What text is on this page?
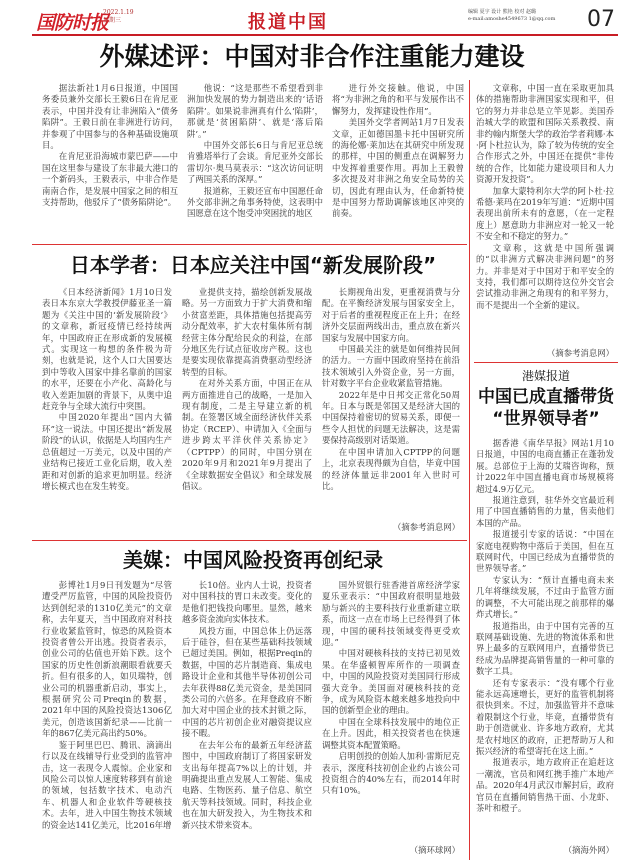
国防时报
2022.1.19
星期三	报道中国	编辑 夏宇 设计 熊艳 校对 赵璐
e-mail:amoshe4549673 1@qq.com	07
外媒述评：中国对非合作注重能力建设

据法新社1月6日报道，中国国务委员兼外交部长王毅6日在肯尼亚表示，中国并没有让非洲陷入“债务陷阱”。王毅日前在非洲进行访问，并参观了中国参与的各种基础设施项目。

在肯尼亚沿海城市蒙巴萨——中国在这里参与建设了东非最大港口的一个新码头，王毅表示，中非合作是南南合作，是发展中国家之间的相互支持帮助，他驳斥了“债务陷阱论”。

他说：“这是那些不希望看到非洲加快发展的势力制造出来的‘话语陷阱’。如果说非洲真有什么‘陷阱’，那就是‘贫困陷阱’、就是‘落后陷阱’。”

中国外交部长6日与肯尼亚总统肯雅塔举行了会谈。肯尼亚外交部长雷切尔·奥马莫表示：“这次访问证明了两国关系的深厚。”

报道称，王毅还宣布中国愿任命外交部非洲之角事务特使，这表明中国愿意在这个饱受冲突困扰的地区

进行外交接触。他说，中国将“为非洲之角的和平与发展作出不懈努力，发挥建设性作用”。

美国外交学者网站1月7日发表文章，正如德国墨卡托中国研究所的海伦娜·莱加达在其研究中所发现的那样，中国的侧重点在调解努力中发挥着重要作用。再加上王毅曾多次提及对非洲之角安全局势的关切，因此有理由认为，任命新特使是中国努力帮助调解该地区冲突的前奏。

文章称，中国一直在采取更加具体的措施帮助非洲国家实现和平，但它的努力并非总是立竿见影。美国乔治城大学的欧盟和国际关系教授、南非约翰内斯堡大学的政治学者莉娜·本·阿卜杜拉认为，除了较为传统的安全合作形式之外，中国还在提供“非传统的合作，比如能力建设项目和人力资源开发投资”。

加拿大蒙特利尔大学的阿卜杜·拉希德·莱玛在2019年写道：“近期中国表现出前所未有的意愿，（在一定程度上）愿意助力非洲应对一轮又一轮不安全和不稳定的努力。”

文章称，这就是中国所强调的“以非洲方式解决非洲问题”的努力。并非是对于中国对于和平安全的支持，我们都可以期待这位外交官会尝试推动非洲之角现有的和平努力，而不是提出一个全新的建议。

（摘参考消息网）

日本学者：日本应关注中国“新发展阶段”

《日本经济新闻》1月10日发表日本东京大学教授伊藤亚圣一篇题为《关注中国的‘新发展阶段’》的文章称，新冠疫情已经持续两年，中国政府正在形成新的发展模式。实现这一构想的条件极为苛刻，也就是说，这个人口大国要达到中等收入国家中排名靠前的国家的水平，还要在小产化、高龄化与收入差距加剧的背景下，从奥中追赶竞争与全球大流行中突围。

中国2020年提出“国内大循环”这一说法。中国还提出“新发展阶段”的认识，依据是人均国内生产总值超过一万美元，以及中国的产业结构已接近工业化后期，收入差距和对创新的追求更加明显。经济增长模式也在发生转变。

业提供支持，描绘创新发展战略。另一方面致力于扩大消费和缩小贫富差距，具体措施包括提高劳动分配效率，扩大农村集体所有制经营主体分配给民众的利益，在部分地区先行试点征收房产税。这也是要实现依靠提高消费驱动型经济转型的目标。

在对外关系方面，中国正在从两方面推进自己的战略，一是加入现有制度，二是主导建立新的机制。在签署区域全面经济伙伴关系协定（RCEP）、申请加入《全面与进步跨太平洋伙伴关系协定》（CPTPP）的同时，中国分别在2020年9月和2021年9月提出了《全球数据安全倡议》和全球发展倡议。

长期视角出发，更重视消费与分配。在平衡经济发展与国家安全上，对于后者的重视程度正在上升；在经济外交层面两线出击，重点放在新兴国家与发展中国家方向。

中国最关注的就是如何维持民间的活力。一方面中国政府坚持在前沿技术领域引入外资企业，另一方面，针对数字平台企业收紧监管措施。

2022年是中日邦交正常化50周年。日本与既是邻国又是经济大国的中国保持着密切的贸易关系，即便一些令人担忧的问题无法解决，这是需要保持高级别对话渠道。

在中国申请加入CPTPP的问题上，北京表现得颇为自信，毕竟中国的经济体量远非2001年入世时可比。

（摘参考消息网）

美媒：中国风险投资再创纪录

彭博社1月9日刊发题为“尽管遭受严厉监管，中国的风险投资仍达到创纪录的1310亿美元”的文章称，去年夏天，当中国政府对科技行业收紧监管时，惊恐的风险资本投资者曾公开出逃。投资者表示，创业公司的估值也开始下跌。这个国家的历史性创新浪潮眼看就要夭折。但有很多的人，如贝瑞特，创业公司的机器重新启动，事实上，根据研究公司Preqin的数据，2021年中国的风险投资达1306亿美元，创造该国新纪录——比前一年的867亿美元高出约50%。

鉴于阿里巴巴、腾讯、滴滴出行以及在线辅导行业受到的监管冲击，这一表现令人震惊。企业家和风险公司以惊人速度转移到有前途的领域，包括数字技术、电动汽车、机器人和企业软件等硬核技术。去年，进入中国生物技术领域的资金达141亿美元，比2016年增

长10倍。业内人士说，投资者对中国科技的胃口未改变。变化的是他们把钱投向哪里。显然，越来越多资金流向实体技术。

风投方面，中国总体上仍远落后于硅谷，但在某些基础科技领域已超过美国。例如，根据Preqin的数据，中国的芯片制造商、集成电路设计企业和其他半导体初创公司去年获得88亿美元资金，是美国同类公司的六倍多。在拜登政府不断加大对中国企业的技术封锁之际，中国的芯片初创企业对融资提议应接不暇。

在去年公布的最新五年经济蓝图中，中国政府制订了将国家研发支出每年提高7%以上的计划，并明确提出重点发展人工智能、集成电路、生物医药、量子信息、航空航天等科技领域。同时，科技企业也在加大研发投入，为生物技术和新兴技术带来资本。

国外贸银行驻香港首席经济学家夏乐亚表示：“中国政府很明显地鼓励与新兴的主要科技行业重新建立联系，而这一点在市场上已经得到了体现，中国的硬科技领域变得更受欢迎。”

中国对硬核科技的支持已初见效果。在华盛顿智库所作的一项调查中，中国的风险投资对美国同行形成强大竞争。美国面对硬核科技的竞争，成为风险资本越来越多地投向中国的创新型企业的理由。

中国在全球科技发展中的地位正在上升。因此，相关投资者也在快速调整其资本配置策略。

启明创投的创始人加利·雷斯尼克表示，深度科技初创企业约占该公司投资组合的40%左右，而2014年时只有10%。

（摘环球网）

港媒报道
中国已成直播带货
“世界领导者”

据香港《南华早报》网站1月10日报道，中国的电商直播正在蓬勃发展。总部位于上海的艾瑞咨询称，预计2022年中国直播电商市场规模将超过4.9万亿元。

报道注意到，驻华外交官最近利用了中国直播销售的力量，售卖他们本国的产品。

报道援引专家的话说：“中国在家庭电视购物中落后于美国，但在互联网时代，中国已经成为直播带货的世界领导者。”

专家认为：“预计直播电商未来几年将继续发展，不过由于监管方面的调整，不大可能出现之前那样的爆炸式增长。”

报道指出，由于中国有完善的互联网基础设施、先进的物流体系和世界上最多的互联网用户，直播带货已经成为品牌提高销售量的一种可靠的数字工具。

还有专家表示：“没有哪个行业能永远高速增长，更好的监管机制将很快到来。不过，加强监管并不意味着限制这个行业，毕竟，直播带货有助于创造就业、许多地方政府，尤其是农村地区的政府，正把帮助万人和振兴经济的希望寄托在这上面。”

报道表示，地方政府正在追赶这一潮流，官员和网红携手推广本地产品。2020年4月武汉市解封后，政府官员在直播间销售热干面、小龙虾、茶叶和橙子。

（摘海外网）
